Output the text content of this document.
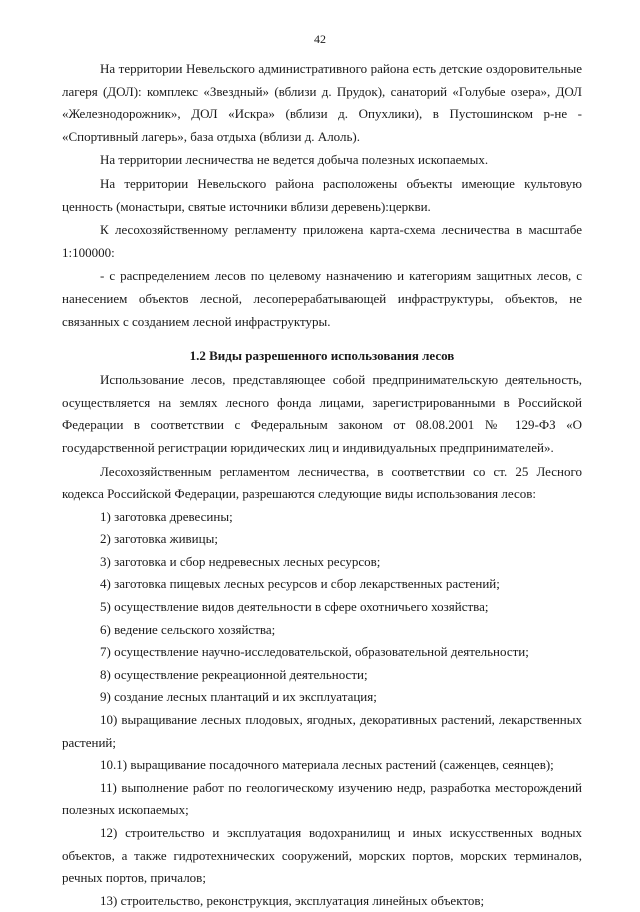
42

На территории Невельского административного района есть детские оздоровительные лагеря (ДОЛ): комплекс «Звездный» (вблизи д. Прудок), санаторий «Голубые озера», ДОЛ «Железнодорожник», ДОЛ «Искра» (вблизи д. Опухлики), в Пустошинском р-не - «Спортивный лагерь», база отдыха (вблизи д. Алоль).

На территории лесничества не ведется добыча полезных ископаемых.

На территории Невельского района расположены объекты имеющие культовую ценность (монастыри, святые источники вблизи деревень):церкви.

К лесохозяйственному регламенту приложена карта-схема лесничества в масштабе 1:100000:

- с распределением лесов по целевому назначению и категориям защитных лесов, с нанесением объектов лесной, лесоперерабатывающей инфраструктуры, объектов, не связанных с созданием лесной инфраструктуры.

1.2 Виды разрешенного использования лесов

Использование лесов, представляющее собой предпринимательскую деятельность, осуществляется на землях лесного фонда лицами, зарегистрированными в Российской Федерации в соответствии с Федеральным законом от 08.08.2001 № 129-ФЗ «О государственной регистрации юридических лиц и индивидуальных предпринимателей».

Лесохозяйственным регламентом лесничества, в соответствии со ст. 25 Лесного кодекса Российской Федерации, разрешаются следующие виды использования лесов:

1) заготовка древесины;
2) заготовка живицы;
3) заготовка и сбор недревесных лесных ресурсов;
4) заготовка пищевых лесных ресурсов и сбор лекарственных растений;
5) осуществление видов деятельности в сфере охотничьего хозяйства;
6) ведение сельского хозяйства;
7) осуществление научно-исследовательской, образовательной деятельности;
8) осуществление рекреационной деятельности;
9) создание лесных плантаций и их эксплуатация;
10) выращивание лесных плодовых, ягодных, декоративных растений, лекарственных растений;
10.1) выращивание посадочного материала лесных растений (саженцев, сеянцев);
11) выполнение работ по геологическому изучению недр, разработка месторождений полезных ископаемых;
12) строительство и эксплуатация водохранилищ и иных искусственных водных объектов, а также гидротехнических сооружений, морских портов, морских терминалов, речных портов, причалов;
13) строительство, реконструкция, эксплуатация линейных объектов;
